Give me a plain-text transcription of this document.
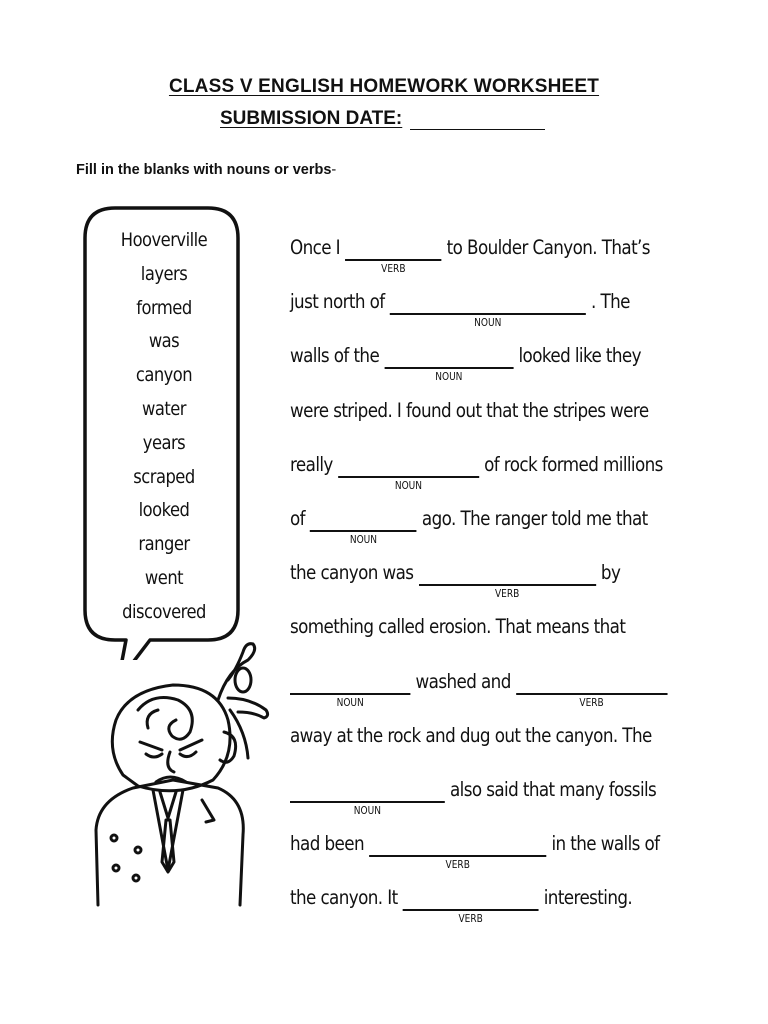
CLASS V ENGLISH HOMEWORK WORKSHEET
SUBMISSION DATE:
Fill in the blanks with nouns or verbs-
Hooverville
layers
formed
was
canyon
water
years
scraped
looked
ranger
went
discovered
Once I
VERB
to Boulder Canyon. That’s
just north of
NOUN
. The
walls of the
NOUN
looked like they
were striped. I found out that the stripes were
really
NOUN
of rock formed millions
of
NOUN
ago. The ranger told me that
the canyon was
VERB
by
something called erosion. That means that
NOUN
washed and
VERB
away at the rock and dug out the canyon. The
NOUN
also said that many fossils
had been
VERB
in the walls of
the canyon. It
VERB
interesting.
